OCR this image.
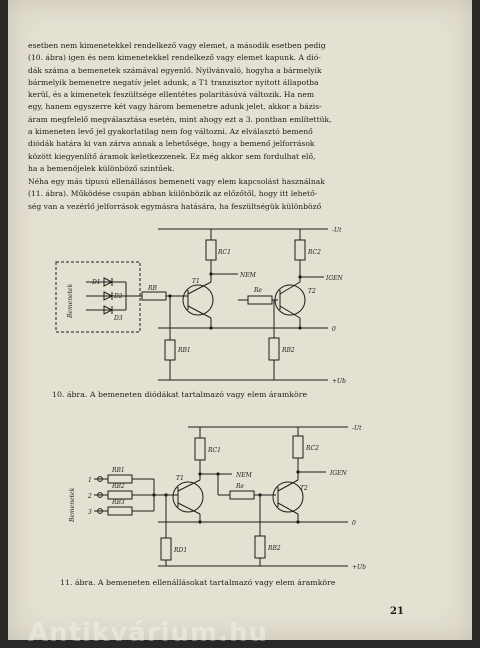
esetben nem kimenetekkel rendelkező vagy elemet, a második esetben pedig
(10. ábra) igen és nem kimenetekkel rendelkező vagy elemet kapunk. A dió-
dák száma a bemenetek számával egyenlő. Nyilvánvaló, hogyha a bármelyik
bármelyik bemenetre negatív jelet adunk, a T1 tranzisztor nyitott állapotba
kerül, és a kimenetek feszültsége ellentétes polaritásúvá változik. Ha nem
egy, hanem egyszerre két vagy három bemenetre adunk jelet, akkor a bázis-
áram megfelelő megválasztása esetén, mint ahogy ezt a 3. pontban említettük,
a kimeneten levő jel gyakorlatilag nem fog változni. Az elválasztó bemenő
diódák határa ki van zárva annak a lehetősége, hogy a bemenő jelforrások
között kiegyenlítő áramok keletkezzenek. Ez még akkor sem fordulhat elő,
ha a bemenőjelek különböző szintűek.

Néha egy más típusú ellenállásos bemeneti vagy elem kapcsolást használnak
(11. ábra). Működése csupán abban különbözik az előzőtől, hogy itt lehető-
ség van a vezérlő jelforrások egymásra hatására, ha feszültségük különböző

D1
D2
D3
RB
RC1	RC2
RB1	RB2
Re
T1
T2
NEM	IGEN
-Ut
0
+Ub
Bemenetek
1
2
3
RB1
RB2
RB3
RC1	RC2
Re
RD1	RB2
T1
T2
NEM	IGEN
-Ut
0
+Ub
Bemenetek
10. ábra. A bemeneten diódákat tartalmazó vagy elem áramköre
11. ábra. A bemeneten ellenállásokat tartalmazó vagy elem áramköre
21
Antikvárium.hu
